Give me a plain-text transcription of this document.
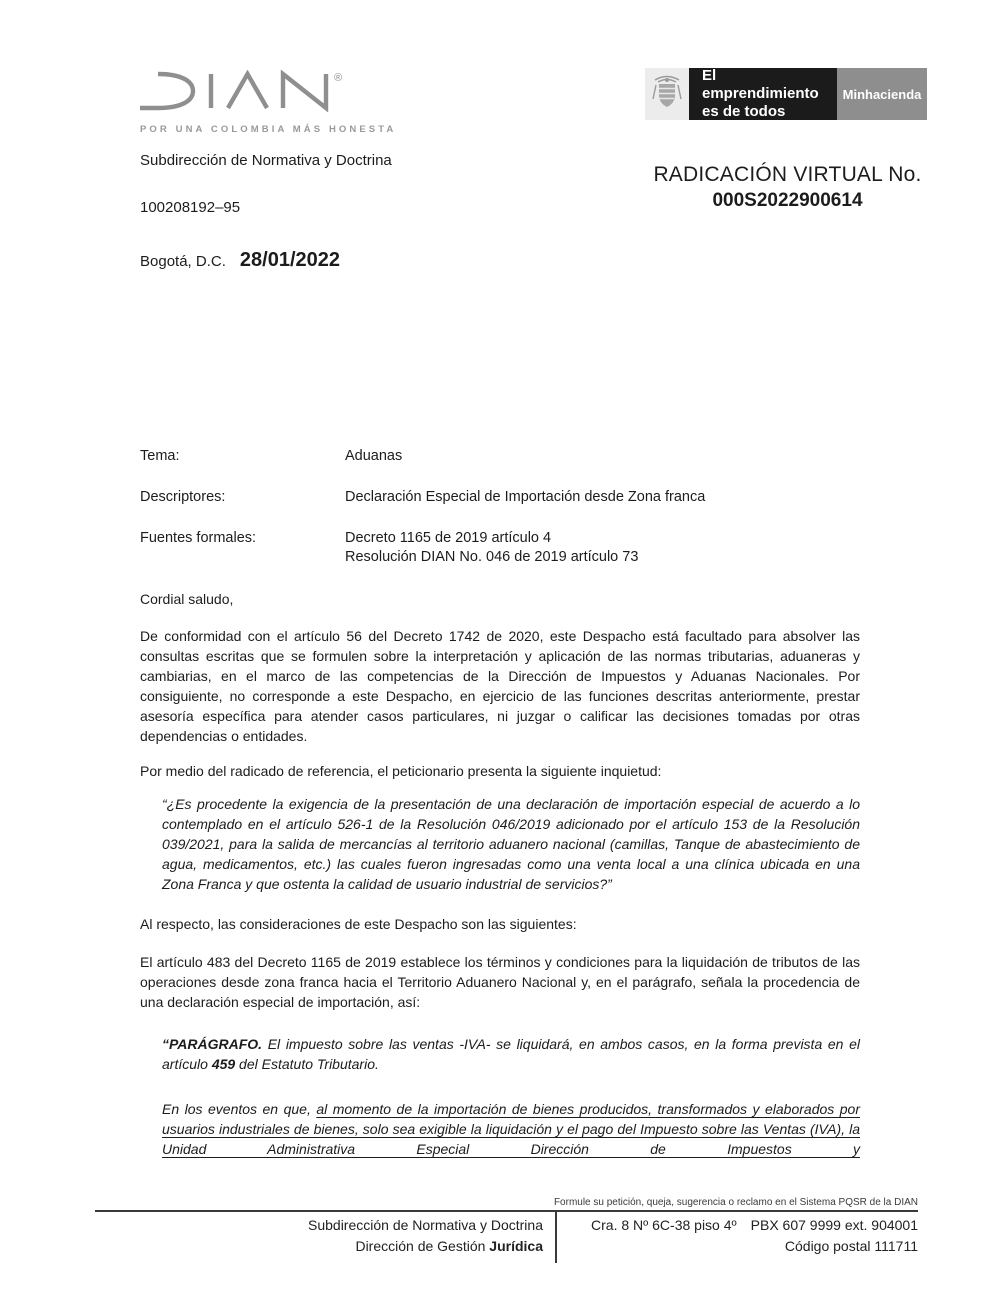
®
POR UNA COLOMBIA MÁS HONESTA
El emprendimiento
es de todos
Minhacienda
Subdirección de Normativa y Doctrina
100208192–95
RADICACIÓN VIRTUAL No.
000S2022900614
Bogotá, D.C. 28/01/2022
Tema:	Aduanas
Descriptores:	Declaración Especial de Importación desde Zona franca
Fuentes formales:	Decreto 1165 de 2019 artículo 4
Resolución DIAN No. 046 de 2019 artículo 73
Cordial saludo,

De conformidad con el artículo 56 del Decreto 1742 de 2020, este Despacho está facultado para absolver las consultas escritas que se formulen sobre la interpretación y aplicación de las normas tributarias, aduaneras y cambiarias, en el marco de las competencias de la Dirección de Impuestos y Aduanas Nacionales. Por consiguiente, no corresponde a este Despacho, en ejercicio de las funciones descritas anteriormente, prestar asesoría específica para atender casos particulares, ni juzgar o calificar las decisiones tomadas por otras dependencias o entidades.

Por medio del radicado de referencia, el peticionario presenta la siguiente inquietud:

“¿Es procedente la exigencia de la presentación de una declaración de importación especial de acuerdo a lo contemplado en el artículo 526-1 de la Resolución 046/2019 adicionado por el artículo 153 de la Resolución 039/2021, para la salida de mercancías al territorio aduanero nacional (camillas, Tanque de abastecimiento de agua, medicamentos, etc.) las cuales fueron ingresadas como una venta local a una clínica ubicada en una Zona Franca y que ostenta la calidad de usuario industrial de servicios?”

Al respecto, las consideraciones de este Despacho son las siguientes:

El artículo 483 del Decreto 1165 de 2019 establece los términos y condiciones para la liquidación de tributos de las operaciones desde zona franca hacia el Territorio Aduanero Nacional y, en el parágrafo, señala la procedencia de una declaración especial de importación, así:

“PARÁGRAFO. El impuesto sobre las ventas -IVA- se liquidará, en ambos casos, en la forma prevista en el artículo 459 del Estatuto Tributario.

En los eventos en que, al momento de la importación de bienes producidos, transformados y elaborados por usuarios industriales de bienes, solo sea exigible la liquidación y el pago del Impuesto sobre las Ventas (IVA), la Unidad Administrativa Especial Dirección de Impuestos y

Formule su petición, queja, sugerencia o reclamo en el Sistema PQSR de la DIAN
Subdirección de Normativa y Doctrina
Dirección de Gestión Jurídica
Cra. 8 Nº 6C-38 piso 4º PBX 607 9999 ext. 904001
Código postal 111711
